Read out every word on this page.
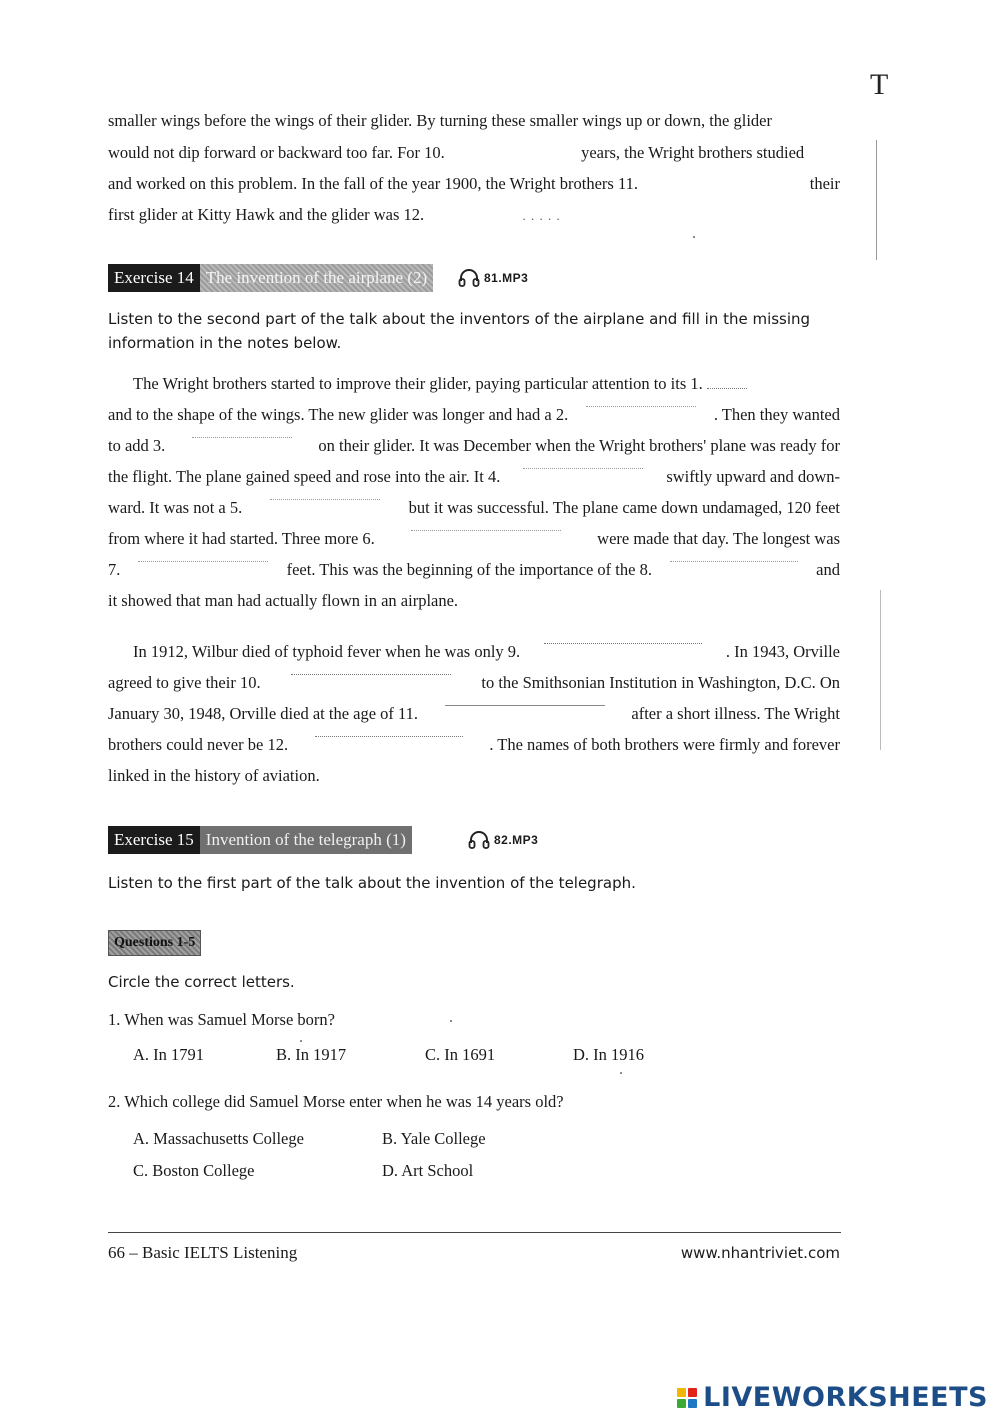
T
smaller wings before the wings of their glider. By turning these smaller wings up or down, the glider
would not dip forward or backward too far. For 10.	years, the Wright brothers studied
and worked on this problem. In the fall of the year 1900, the Wright brothers 11.	their
first glider at Kitty Hawk and the glider was 12.	. . . . .
Exercise 14 The invention of the airplane (2)	81.MP3
Listen to the second part of the talk about the inventors of the airplane and fill in the missing
information in the notes below.
The Wright brothers started to improve their glider, paying particular attention to its 1.
and to the shape of the wings. The new glider was longer and had a 2.	. Then they wanted
to add 3.	on their glider. It was December when the Wright brothers' plane was ready for
the flight. The plane gained speed and rose into the air. It 4.	swiftly upward and down-
ward. It was not a 5.	but it was successful. The plane came down undamaged, 120 feet
from where it had started. Three more 6.	were made that day. The longest was
7.	feet. This was the beginning of the importance of the 8.	and
it showed that man had actually flown in an airplane.
In 1912, Wilbur died of typhoid fever when he was only 9.	. In 1943, Orville
agreed to give their 10.	to the Smithsonian Institution in Washington, D.C. On
January 30, 1948, Orville died at the age of 11.	after a short illness. The Wright
brothers could never be 12.	. The names of both brothers were firmly and forever
linked in the history of aviation.
Exercise 15 Invention of the telegraph (1)	82.MP3
Listen to the first part of the talk about the invention of the telegraph.
Questions 1-5
Circle the correct letters.
1. When was Samuel Morse born?
A. In 1791	B. In 1917	C. In 1691	D. In 1916
2. Which college did Samuel Morse enter when he was 14 years old?
A. Massachusetts College	B. Yale College
C. Boston College	D. Art School
66 – Basic IELTS Listening	www.nhantriviet.com
LIVEWORKSHEETS
